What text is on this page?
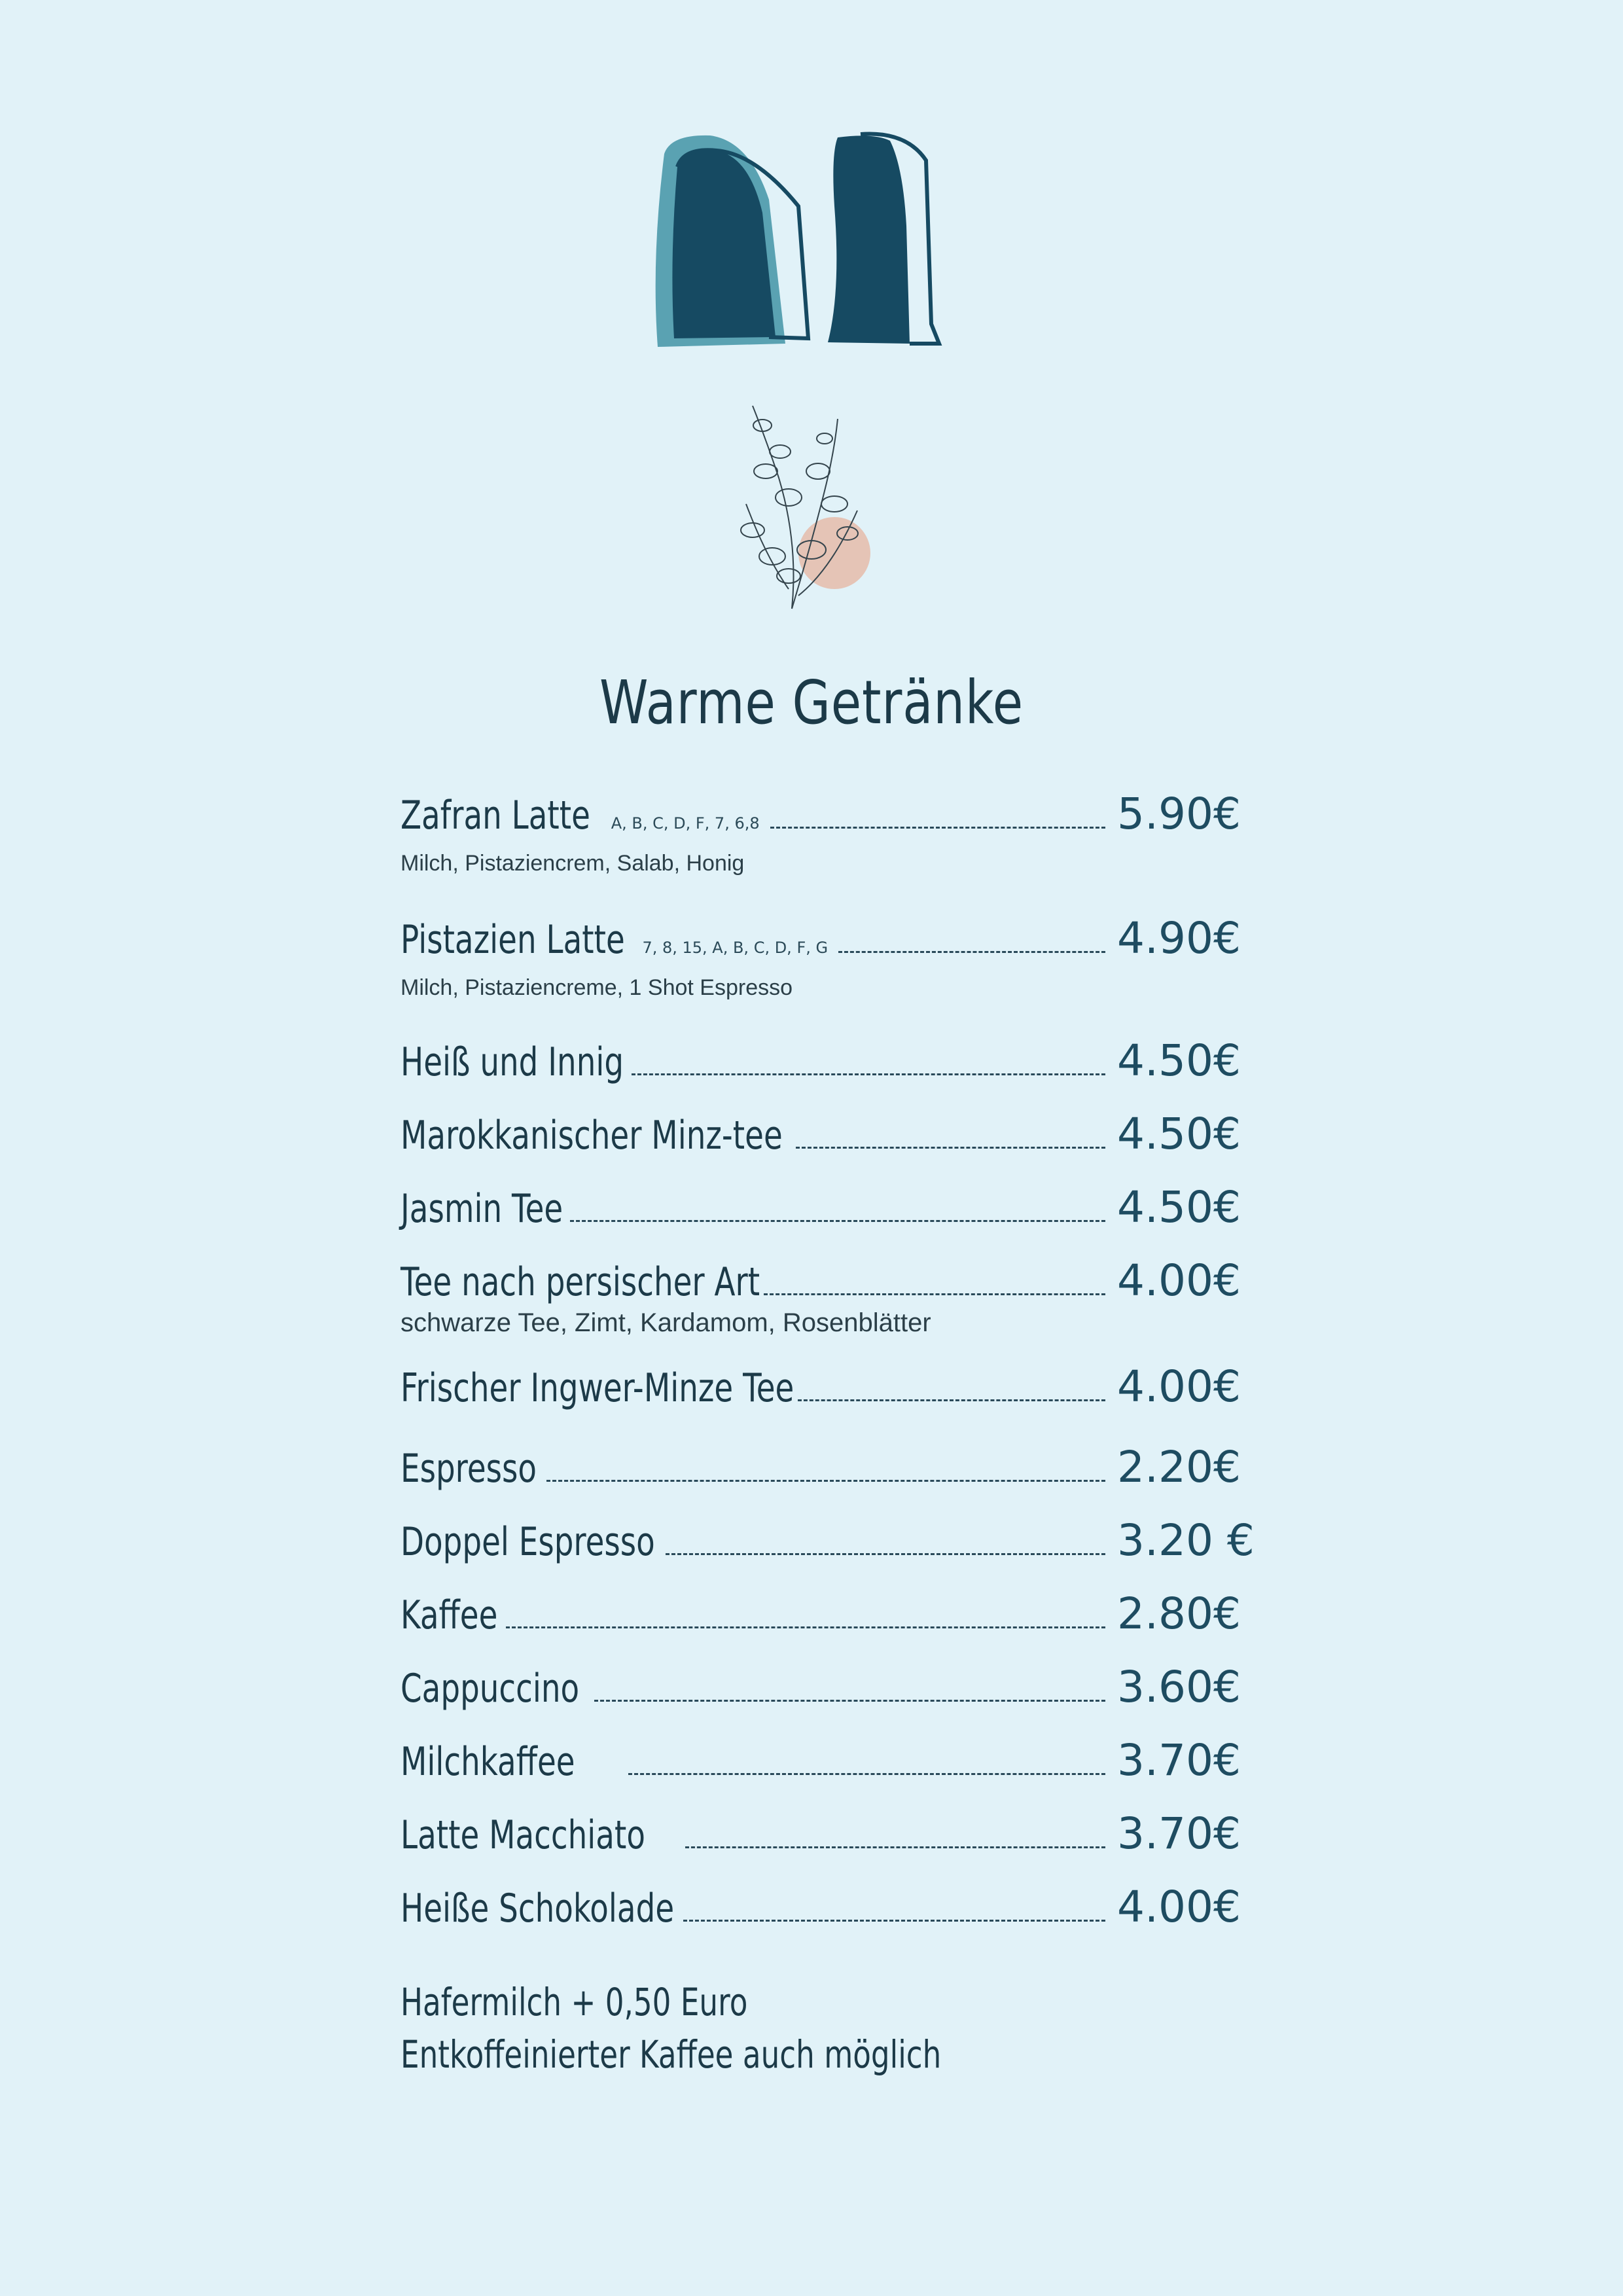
Warme Getränke
Zafran Latte A, B, C, D, F, 7, 6,8	5.90€
Milch, Pistaziencrem, Salab, Honig
Pistazien Latte 7, 8, 15, A, B, C, D, F, G	4.90€
Milch, Pistaziencreme, 1 Shot Espresso
Heiß und Innig	4.50€
Marokkanischer Minz-tee	4.50€
Jasmin Tee	4.50€
Tee nach persischer Art	4.00€
schwarze Tee, Zimt, Kardamom, Rosenblätter
Frischer Ingwer-Minze Tee	4.00€
Espresso	2.20€
Doppel Espresso	3.20 €
Kaffee	2.80€
Cappuccino	3.60€
Milchkaffee	3.70€
Latte Macchiato	3.70€
Heiße Schokolade	4.00€
Hafermilch + 0,50 Euro
Entkoffeinierter Kaffee auch möglich
